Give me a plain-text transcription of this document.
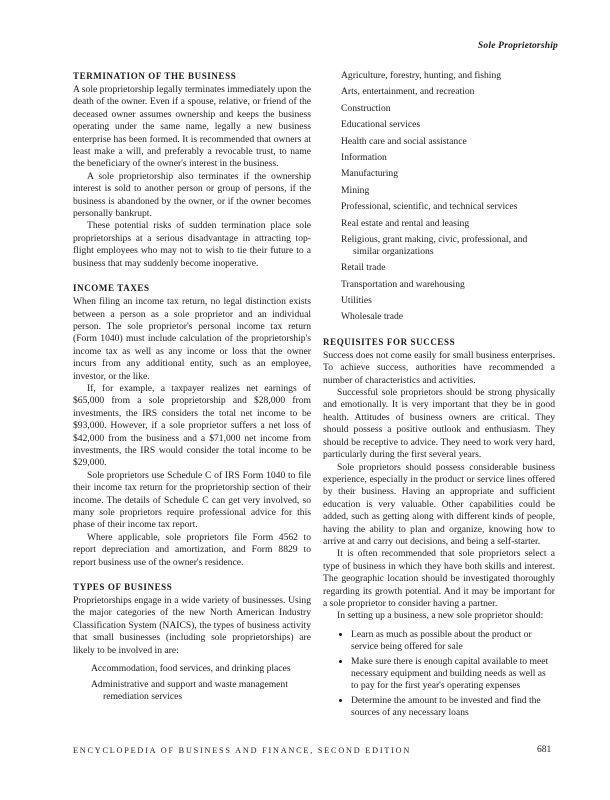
Sole Proprietorship
TERMINATION OF THE BUSINESS

A sole proprietorship legally terminates immediately upon the death of the owner. Even if a spouse, relative, or friend of the deceased owner assumes ownership and keeps the business operating under the same name, legally a new business enterprise has been formed. It is recommended that owners at least make a will, and preferably a revocable trust, to name the beneficiary of the owner's interest in the business.

A sole proprietorship also terminates if the ownership interest is sold to another person or group of persons, if the business is abandoned by the owner, or if the owner becomes personally bankrupt.

These potential risks of sudden termination place sole proprietorships at a serious disadvantage in attracting top-flight employees who may not to wish to tie their future to a business that may suddenly become inoperative.

INCOME TAXES

When filing an income tax return, no legal distinction exists between a person as a sole proprietor and an individual person. The sole proprietor's personal income tax return (Form 1040) must include calculation of the proprietorship's income tax as well as any income or loss that the owner incurs from any additional entity, such as an employee, investor, or the like.

If, for example, a taxpayer realizes net earnings of $65,000 from a sole proprietorship and $28,000 from investments, the IRS considers the total net income to be $93,000. However, if a sole proprietor suffers a net loss of $42,000 from the business and a $71,000 net income from investments, the IRS would consider the total income to be $29,000.

Sole proprietors use Schedule C of IRS Form 1040 to file their income tax return for the proprietorship section of their income. The details of Schedule C can get very involved, so many sole proprietors require professional advice for this phase of their income tax report.

Where applicable, sole proprietors file Form 4562 to report depreciation and amortization, and Form 8829 to report business use of the owner's residence.

TYPES OF BUSINESS

Proprietorships engage in a wide variety of businesses. Using the major categories of the new North American Industry Classification System (NAICS), the types of business activity that small businesses (including sole proprietorships) are likely to be involved in are:

Accommodation, food services, and drinking places
Administrative and support and waste management remediation services
Agriculture, forestry, hunting, and fishing
Arts, entertainment, and recreation
Construction
Educational services
Health care and social assistance
Information
Manufacturing
Mining
Professional, scientific, and technical services
Real estate and rental and leasing
Religious, grant making, civic, professional, and similar organizations
Retail trade
Transportation and warehousing
Utilities
Wholesale trade
REQUISITES FOR SUCCESS

Success does not come easily for small business enterprises. To achieve success, authorities have recommended a number of characteristics and activities.

Successful sole proprietors should be strong physically and emotionally. It is very important that they be in good health. Attitudes of business owners are critical. They should possess a positive outlook and enthusiasm. They should be receptive to advice. They need to work very hard, particularly during the first several years.

Sole proprietors should possess considerable business experience, especially in the product or service lines offered by their business. Having an appropriate and sufficient education is very valuable. Other capabilities could be added, such as getting along with different kinds of people, having the ability to plan and organize, knowing how to arrive at and carry out decisions, and being a self-starter.

It is often recommended that sole proprietors select a type of business in which they have both skills and interest. The geographic location should be investigated thoroughly regarding its growth potential. And it may be important for a sole proprietor to consider having a partner.

In setting up a business, a new sole proprietor should:

• Learn as much as possible about the product or service being offered for sale
• Make sure there is enough capital available to meet necessary equipment and building needs as well as to pay for the first year's operating expenses
• Determine the amount to be invested and find the sources of any necessary loans
ENCYCLOPEDIA OF BUSINESS AND FINANCE, SECOND EDITION	681
